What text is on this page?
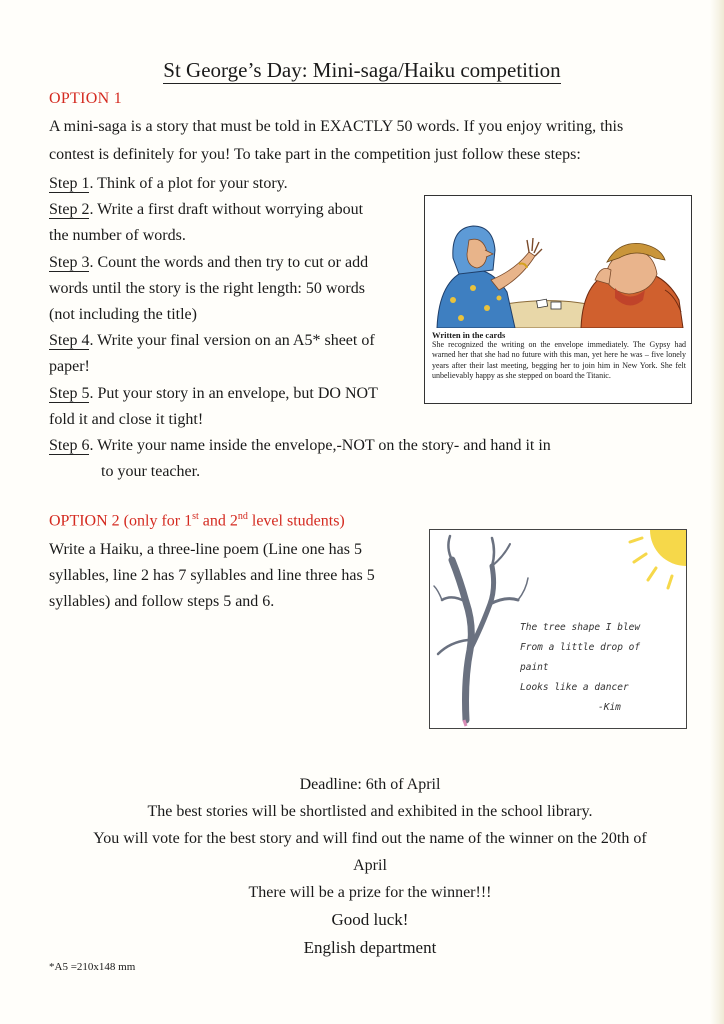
St George’s Day: Mini-saga/Haiku competition
OPTION 1
A mini-saga is a story that must be told in EXACTLY 50 words. If you enjoy writing, this
contest is definitely for you! To take part in the competition just follow these steps:
Step 1. Think of a plot for your story.
Step 2. Write a first draft without worrying about
the number of words.
Step 3. Count the words and then try to cut or add
words until the story is the right length: 50 words
(not including the title)
Step 4. Write your final version on an A5* sheet of
paper!
Step 5. Put your story in an envelope, but DO NOT
fold it and close it tight!
Step 6. Write your name inside the envelope,-NOT on the story- and hand it in
to your teacher.
Written in the cards
She recognized the writing on the envelope immediately. The Gypsy had warned her that she had no future with this man, yet here he was – five lonely years after their last meeting, begging her to join him in New York. She felt unbelievably happy as she stepped on board the Titanic.
OPTION 2 (only for 1st and 2nd level students)
Write a Haiku, a three-line poem (Line one has 5
syllables, line 2 has 7 syllables and line three has 5
syllables) and follow steps 5 and 6.
The tree shape I blew
From a little drop of paint
Looks like a dancer
-Kim
Deadline: 6th of April
The best stories will be shortlisted and exhibited in the school library.
You will vote for the best story and will find out the name of the winner on the 20th of
April
There will be a prize for the winner!!!
Good luck!
English department
*A5 =210x148 mm
